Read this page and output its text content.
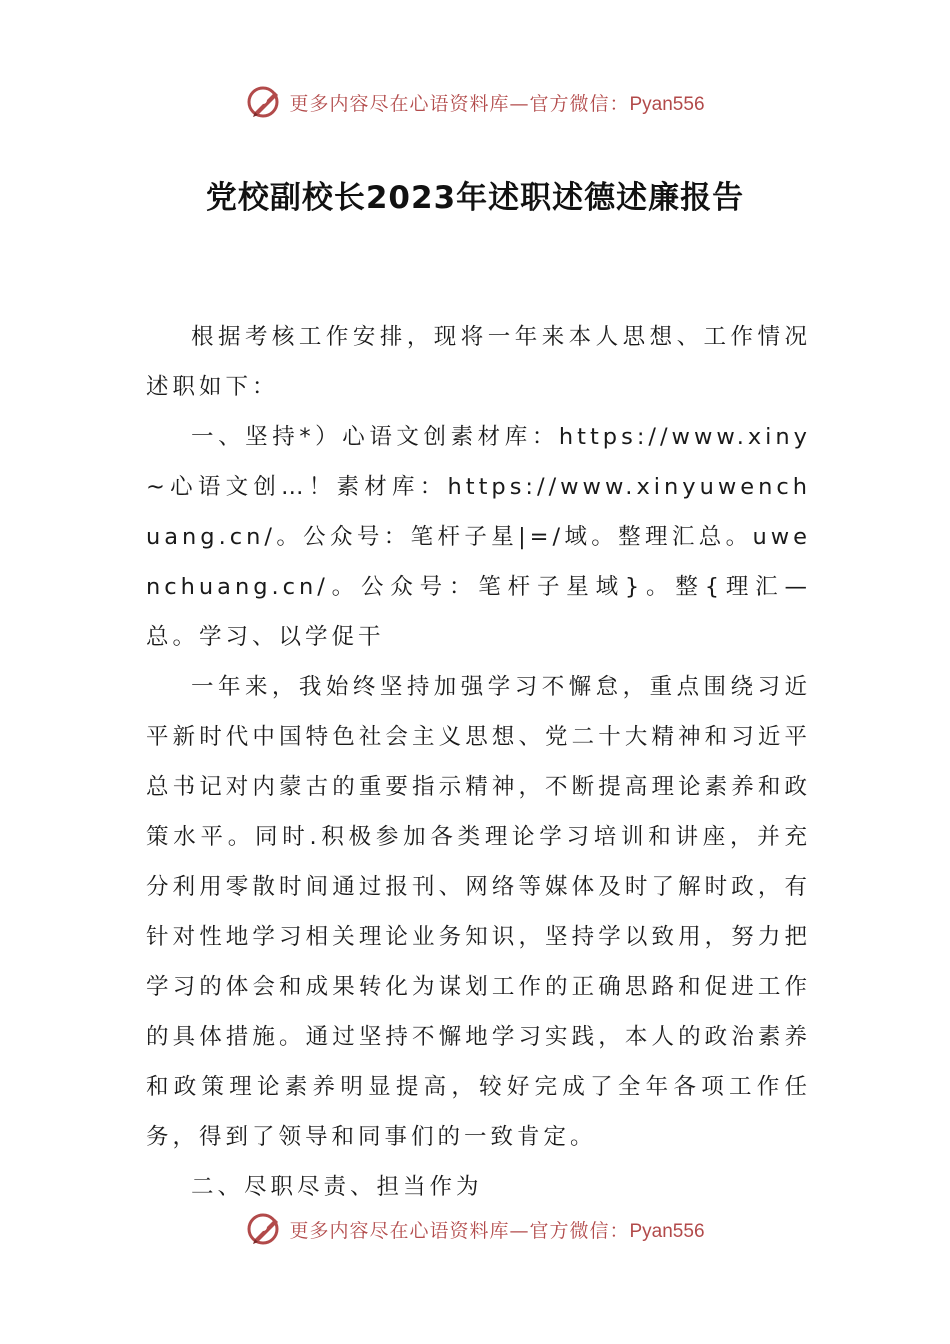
更多内容尽在心语资料库—官方微信：Pyan556
党校副校长2023年述职述德述廉报告

根据考核工作安排，现将一年来本人思想、工作情况述职如下：

一、坚持*）心语文创素材库：https://www.xiny~心语文创…！素材库：https://www.xinyuwenchuang.cn/。公众号：笔杆子星|=/域。整理汇总。uwenchuang.cn/。公众号：笔杆子星域}。整{理汇—总。学习、以学促干

一年来，我始终坚持加强学习不懈怠，重点围绕习近平新时代中国特色社会主义思想、党二十大精神和习近平总书记对内蒙古的重要指示精神，不断提高理论素养和政策水平。同时.积极参加各类理论学习培训和讲座，并充分利用零散时间通过报刊、网络等媒体及时了解时政，有针对性地学习相关理论业务知识，坚持学以致用，努力把学习的体会和成果转化为谋划工作的正确思路和促进工作的具体措施。通过坚持不懈地学习实践，本人的政治素养和政策理论素养明显提高，较好完成了全年各项工作任务，得到了领导和同事们的一致肯定。

二、尽职尽责、担当作为

更多内容尽在心语资料库—官方微信：Pyan556
